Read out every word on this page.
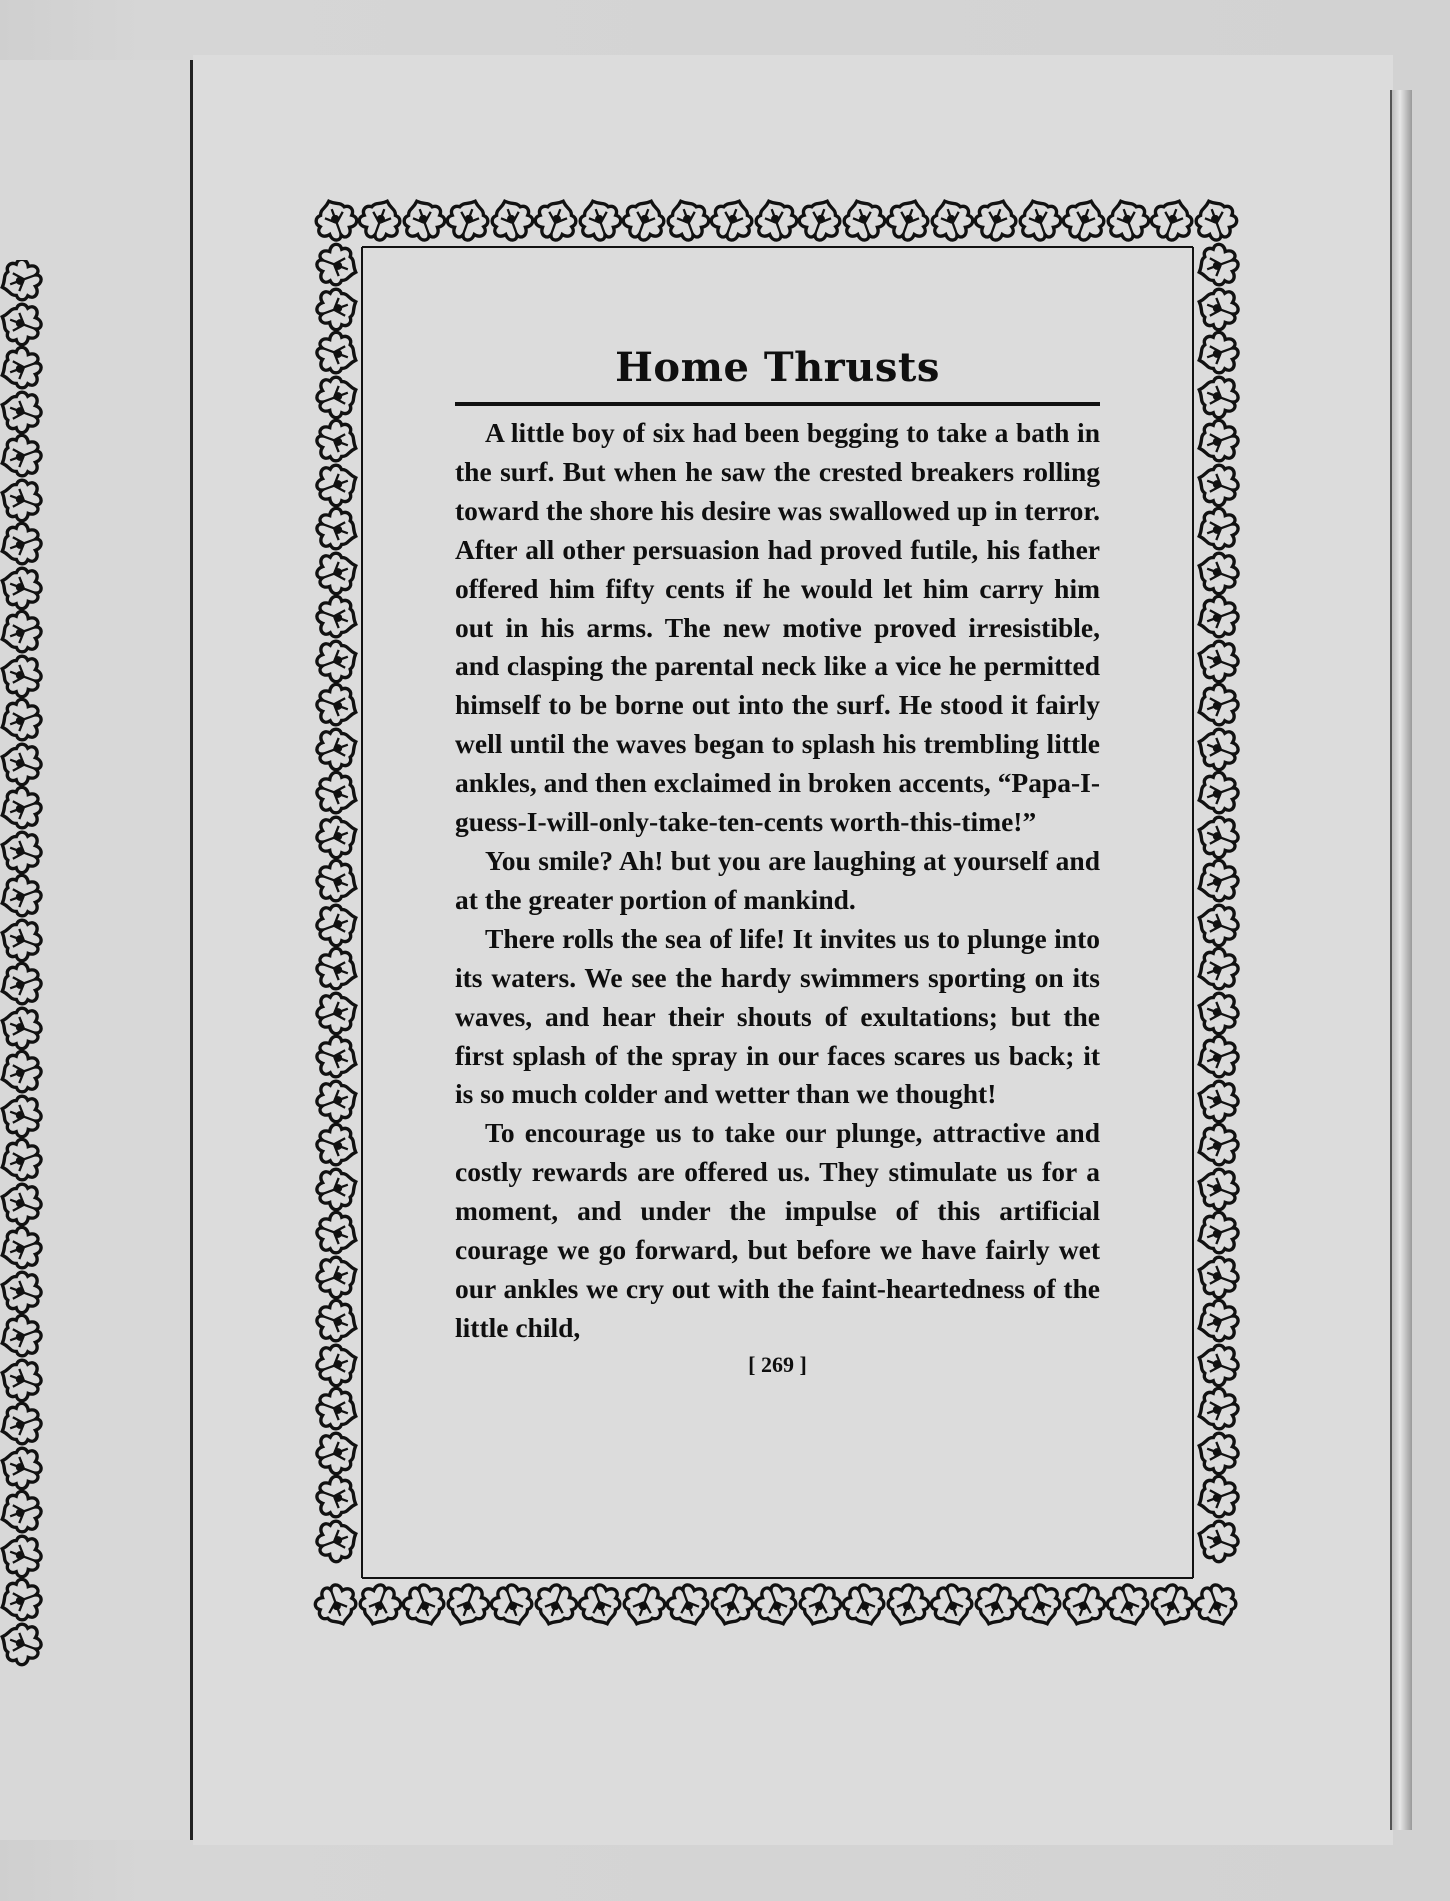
Home Thrusts

A little boy of six had been begging to take a bath in the surf. But when he saw the crested breakers rolling toward the shore his desire was swallowed up in terror. After all other persuasion had proved futile, his father offered him fifty cents if he would let him carry him out in his arms. The new motive proved irresistible, and clasping the parental neck like a vice he permitted himself to be borne out into the surf. He stood it fairly well until the waves began to splash his trembling little ankles, and then exclaimed in broken accents, “Papa-I-guess-I-will-only-take-ten-cents worth-this-time!”

You smile? Ah! but you are laughing at yourself and at the greater portion of mankind.

There rolls the sea of life! It invites us to plunge into its waters. We see the hardy swimmers sporting on its waves, and hear their shouts of exultations; but the first splash of the spray in our faces scares us back; it is so much colder and wetter than we thought!

To encourage us to take our plunge, attractive and costly rewards are offered us. They stimulate us for a moment, and under the impulse of this artificial courage we go forward, but before we have fairly wet our ankles we cry out with the faint-heartedness of the little child,

[ 269 ]
